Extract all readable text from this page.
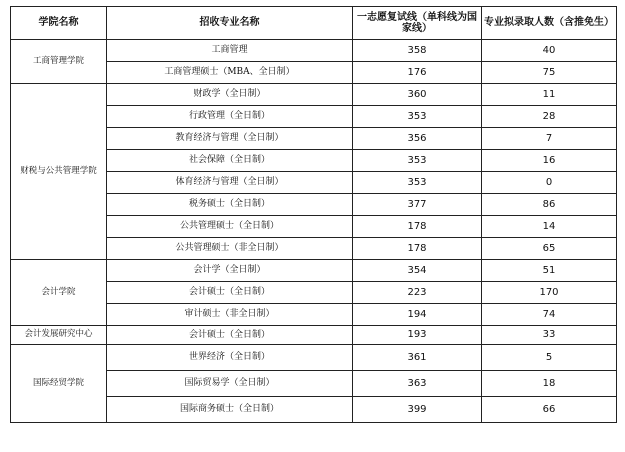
学院名称	招收专业名称	一志愿复试线（单科线为国家线）	专业拟录取人数（含推免生）
工商管理学院	工商管理	358	40
	工商管理硕士（MBA、全日制）	176	75
财税与公共管理学院	财政学（全日制）	360	11
	行政管理（全日制）	353	28
	教育经济与管理（全日制）	356	7
	社会保障（全日制）	353	16
	体育经济与管理（全日制）	353	0
	税务硕士（全日制）	377	86
	公共管理硕士（全日制）	178	14
	公共管理硕士（非全日制）	178	65
会计学院	会计学（全日制）	354	51
	会计硕士（全日制）	223	170
	审计硕士（非全日制）	194	74
会计发展研究中心	会计硕士（全日制）	193	33
国际经贸学院	世界经济（全日制）	361	5
	国际贸易学（全日制）	363	18
	国际商务硕士（全日制）	399	66
